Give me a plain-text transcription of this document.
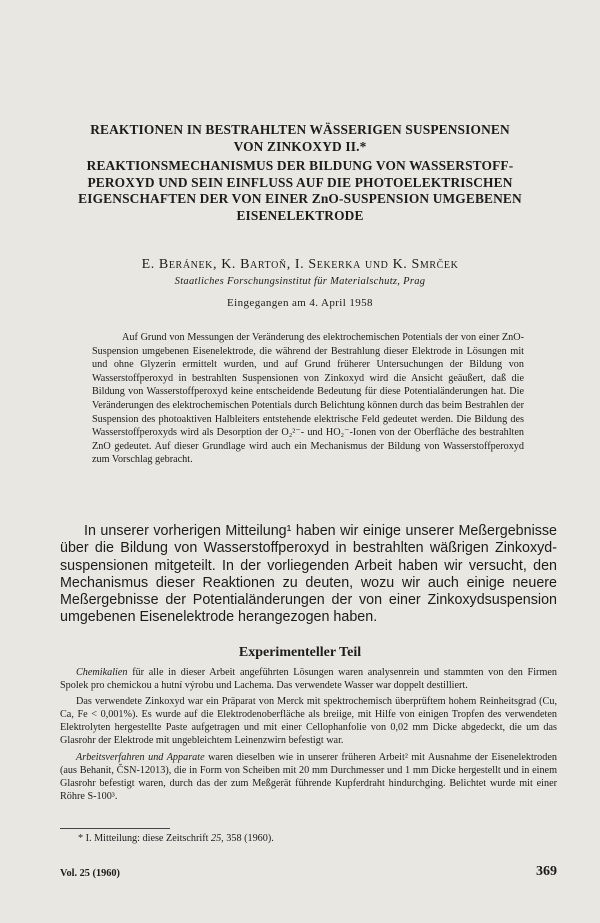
REAKTIONEN IN BESTRAHLTEN WÄSSERIGEN SUSPENSIONEN

VON ZINKOXYD II.*

REAKTIONSMECHANISMUS DER BILDUNG VON WASSERSTOFF-

PEROXYD UND SEIN EINFLUSS AUF DIE PHOTOELEKTRISCHEN

EIGENSCHAFTEN DER VON EINER ZnO-SUSPENSION UMGEBENEN

EISENELEKTRODE

E. Beránek, K. Bartoň, I. Sekerka und K. Smrček
Staatliches Forschungsinstitut für Materialschutz, Prag
Eingegangen am 4. April 1958

Auf Grund von Messungen der Veränderung des elektrochemischen Potentials der von einer ZnO-Suspension umgebenen Eisenelektrode, die während der Bestrahlung dieser Elektrode in Lösungen mit und ohne Glyzerin ermittelt wurden, und auf Grund früherer Untersuchungen der Bildung von Wasserstoffperoxyd in bestrahlten Suspensionen von Zinkoxyd wird die Ansicht geäußert, daß die Bildung von Wasserstoffperoxyd keine entscheidende Bedeutung für diese Potentialänderungen hat. Die Veränderungen des elektrochemischen Potentials durch Belichtung können durch das beim Bestrahlen der Suspension des photoaktiven Halbleiters entstehende elektrische Feld gedeutet werden. Die Bildung des Wasserstoffperoxyds wird als Desorption der O₂²⁻- und HO₂⁻-Ionen von der Oberfläche des bestrahlten ZnO gedeutet. Auf dieser Grundlage wird auch ein Mechanismus der Bildung von Wasserstoffperoxyd zum Vorschlag gebracht.

In unserer vorherigen Mitteilung¹ haben wir einige unserer Meßergebnisse über die Bildung von Wasserstoffperoxyd in bestrahlten wäßrigen Zinkoxyd-suspensionen mitgeteilt. In der vorliegenden Arbeit haben wir versucht, den Mechanismus dieser Reaktionen zu deuten, wozu wir auch einige neuere Meßergebnisse der Potentialänderungen der von einer Zinkoxydsuspension umgebenen Eisenelektrode herangezogen haben.

Experimenteller Teil

Chemikalien für alle in dieser Arbeit angeführten Lösungen waren analysenrein und stammten von den Firmen Spolek pro chemickou a hutní výrobu und Lachema. Das verwendete Wasser war doppelt destilliert.

Das verwendete Zinkoxyd war ein Präparat von Merck mit spektrochemisch überprüftem hohem Reinheitsgrad (Cu, Ca, Fe < 0,001%). Es wurde auf die Elektrodenoberfläche als breiige, mit Hilfe von einigen Tropfen des verwendeten Elektrolyten hergestellte Paste aufgetragen und mit einer Cellophanfolie von 0,02 mm Dicke abgedeckt, die um das Glasrohr der Elektrode mit ungebleichtem Leinenzwirn befestigt war.

Arbeitsverfahren und Apparate waren dieselben wie in unserer früheren Arbeit² mit Ausnahme der Eisenelektroden (aus Behanit, ČSN-12013), die in Form von Scheiben mit 20 mm Durchmesser und 1 mm Dicke hergestellt und in einem Glasrohr befestigt waren, durch das der zum Meßgerät führende Kupferdraht hindurchging. Belichtet wurde mit einer Röhre S-100³.

* I. Mitteilung: diese Zeitschrift 25, 358 (1960).
Vol. 25 (1960)	369
